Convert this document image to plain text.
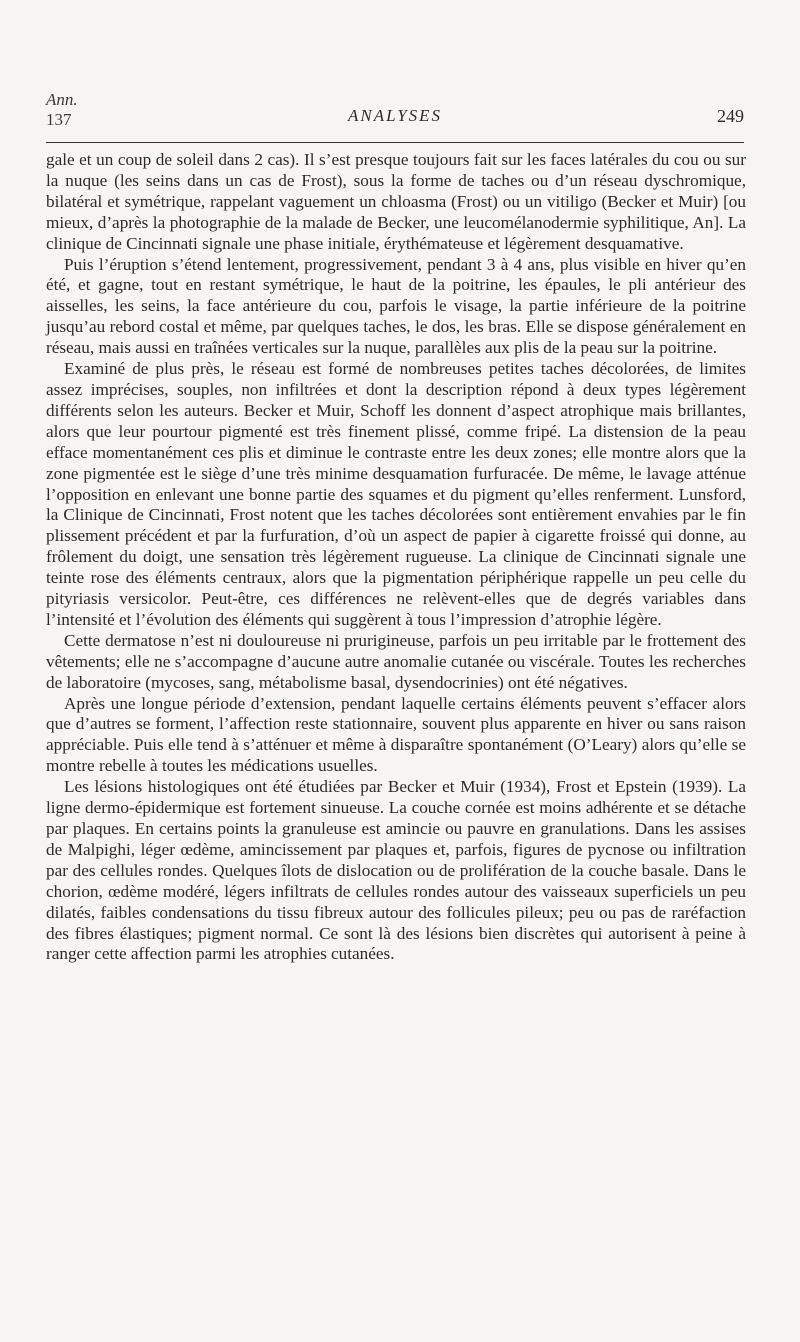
Ann.
137	ANALYSES	249

gale et un coup de soleil dans 2 cas). Il s’est presque toujours fait sur les faces latérales du cou ou sur la nuque (les seins dans un cas de Frost), sous la forme de taches ou d’un réseau dyschromique, bilatéral et symétrique, rappelant vaguement un chloasma (Frost) ou un vitiligo (Becker et Muir) [ou mieux, d’après la photographie de la malade de Becker, une leucomélanodermie syphilitique, An]. La clinique de Cincinnati signale une phase initiale, érythémateuse et légèrement desquamative.

Puis l’éruption s’étend lentement, progressivement, pendant 3 à 4 ans, plus visible en hiver qu’en été, et gagne, tout en restant symétrique, le haut de la poitrine, les épaules, le pli antérieur des aisselles, les seins, la face antérieure du cou, parfois le visage, la partie inférieure de la poitrine jusqu’au rebord costal et même, par quelques taches, le dos, les bras. Elle se dispose généralement en réseau, mais aussi en traînées verticales sur la nuque, parallèles aux plis de la peau sur la poitrine.

Examiné de plus près, le réseau est formé de nombreuses petites taches décolorées, de limites assez imprécises, souples, non infiltrées et dont la description répond à deux types légèrement différents selon les auteurs. Becker et Muir, Schoff les donnent d’aspect atrophique mais brillantes, alors que leur pourtour pigmenté est très finement plissé, comme fripé. La distension de la peau efface momentanément ces plis et diminue le contraste entre les deux zones; elle montre alors que la zone pigmentée est le siège d’une très minime desquamation furfuracée. De même, le lavage atténue l’opposition en enlevant une bonne partie des squames et du pigment qu’elles renferment. Lunsford, la Clinique de Cincinnati, Frost notent que les taches décolorées sont entièrement envahies par le fin plissement précédent et par la furfuration, d’où un aspect de papier à cigarette froissé qui donne, au frôlement du doigt, une sensation très légèrement rugueuse. La clinique de Cincinnati signale une teinte rose des éléments centraux, alors que la pigmentation périphérique rappelle un peu celle du pityriasis versicolor. Peut-être, ces différences ne relèvent-elles que de degrés variables dans l’intensité et l’évolution des éléments qui suggèrent à tous l’impression d’atrophie légère.

Cette dermatose n’est ni douloureuse ni prurigineuse, parfois un peu irritable par le frottement des vêtements; elle ne s’accompagne d’aucune autre anomalie cutanée ou viscérale. Toutes les recherches de laboratoire (mycoses, sang, métabolisme basal, dysendocrinies) ont été négatives.

Après une longue période d’extension, pendant laquelle certains éléments peuvent s’effacer alors que d’autres se forment, l’affection reste stationnaire, souvent plus apparente en hiver ou sans raison appréciable. Puis elle tend à s’atténuer et même à disparaître spontanément (O’Leary) alors qu’elle se montre rebelle à toutes les médications usuelles.

Les lésions histologiques ont été étudiées par Becker et Muir (1934), Frost et Epstein (1939). La ligne dermo-épidermique est fortement sinueuse. La couche cornée est moins adhérente et se détache par plaques. En certains points la granuleuse est amincie ou pauvre en granulations. Dans les assises de Malpighi, léger œdème, amincissement par plaques et, parfois, figures de pycnose ou infiltration par des cellules rondes. Quelques îlots de dislocation ou de prolifération de la couche basale. Dans le chorion, œdème modéré, légers infiltrats de cellules rondes autour des vaisseaux superficiels un peu dilatés, faibles condensations du tissu fibreux autour des follicules pileux; peu ou pas de raréfaction des fibres élastiques; pigment normal. Ce sont là des lésions bien discrètes qui autorisent à peine à ranger cette affection parmi les atrophies cutanées.
